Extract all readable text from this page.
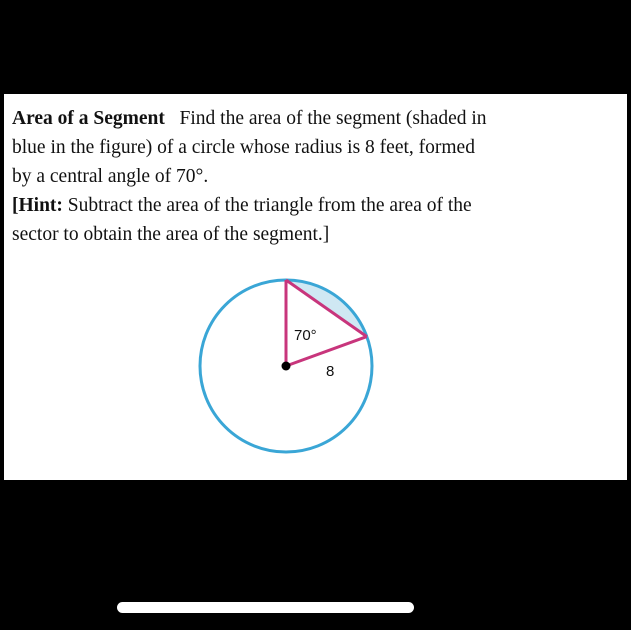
Area of a Segment Find the area of the segment (shaded in
blue in the figure) of a circle whose radius is 8 feet, formed
by a central angle of 70°.
[Hint: Subtract the area of the triangle from the area of the
sector to obtain the area of the segment.]

70°
8
